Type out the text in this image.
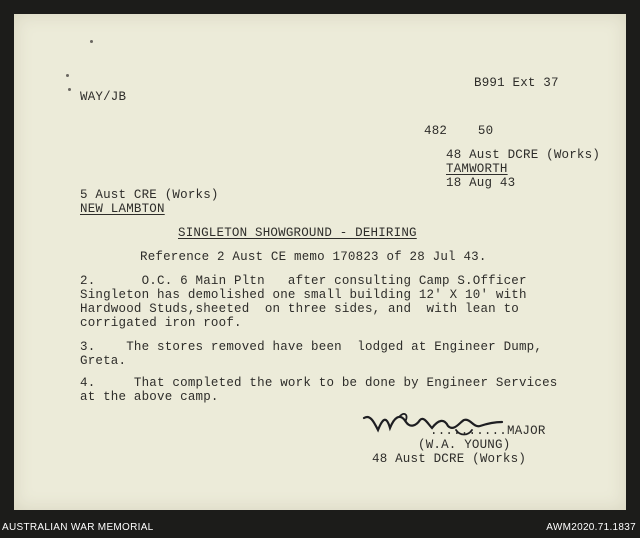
WAY/JB
B991 Ext 37
482    50
48 Aust DCRE (Works)
TAMWORTH
18 Aug 43
5 Aust CRE (Works)
NEW LAMBTON
SINGLETON SHOWGROUND - DEHIRING
Reference 2 Aust CE memo 170823 of 28 Jul 43.
2.      O.C. 6 Main Pltn   after consulting Camp S.Officer
Singleton has demolished one small building 12' X 10' with
Hardwood Studs,sheeted  on three sides, and  with lean to
corrigated iron roof.
3.    The stores removed have been  lodged at Engineer Dump,
Greta.
4.     That completed the work to be done by Engineer Services
at the above camp.
..........MAJOR
(W.A. YOUNG)
48 Aust DCRE (Works)
AUSTRALIAN WAR MEMORIAL	AWM2020.71.1837
